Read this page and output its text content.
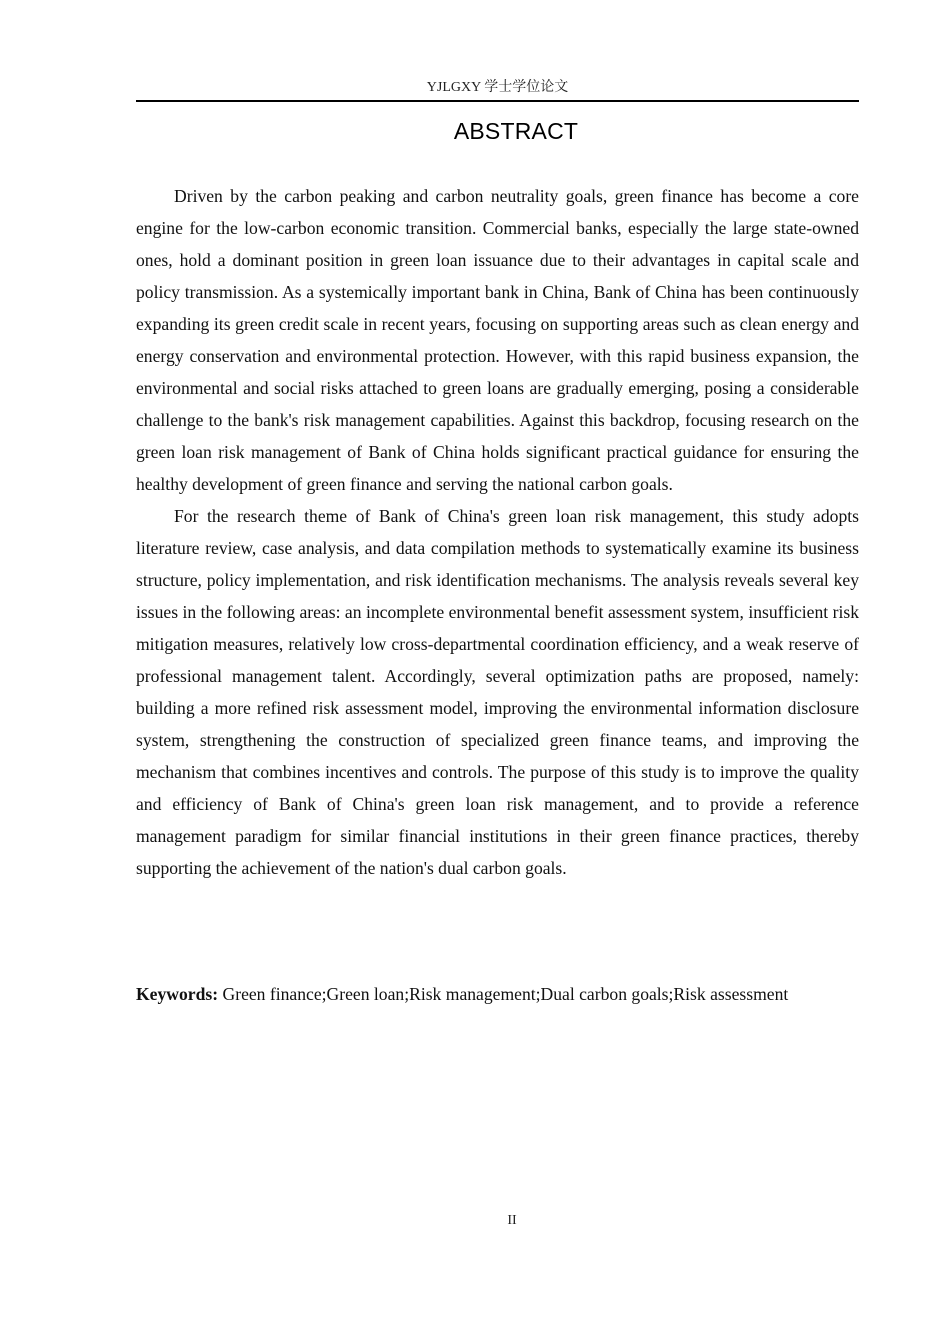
YJLGXY 学士学位论文
ABSTRACT

Driven by the carbon peaking and carbon neutrality goals, green finance has become a core engine for the low-carbon economic transition. Commercial banks, especially the large state-owned ones, hold a dominant position in green loan issuance due to their advantages in capital scale and policy transmission. As a systemically important bank in China, Bank of China has been continuously expanding its green credit scale in recent years, focusing on supporting areas such as clean energy and energy conservation and environmental protection. However, with this rapid business expansion, the environmental and social risks attached to green loans are gradually emerging, posing a considerable challenge to the bank's risk management capabilities. Against this backdrop, focusing research on the green loan risk management of Bank of China holds significant practical guidance for ensuring the healthy development of green finance and serving the national carbon goals.

For the research theme of Bank of China's green loan risk management, this study adopts literature review, case analysis, and data compilation methods to systematically examine its business structure, policy implementation, and risk identification mechanisms. The analysis reveals several key issues in the following areas: an incomplete environmental benefit assessment system, insufficient risk mitigation measures, relatively low cross-departmental coordination efficiency, and a weak reserve of professional management talent. Accordingly, several optimization paths are proposed, namely: building a more refined risk assessment model, improving the environmental information disclosure system, strengthening the construction of specialized green finance teams, and improving the mechanism that combines incentives and controls. The purpose of this study is to improve the quality and efficiency of Bank of China's green loan risk management, and to provide a reference management paradigm for similar financial institutions in their green finance practices, thereby supporting the achievement of the nation's dual carbon goals.

Keywords: Green finance;Green loan;Risk management;Dual carbon goals;Risk assessment

II
